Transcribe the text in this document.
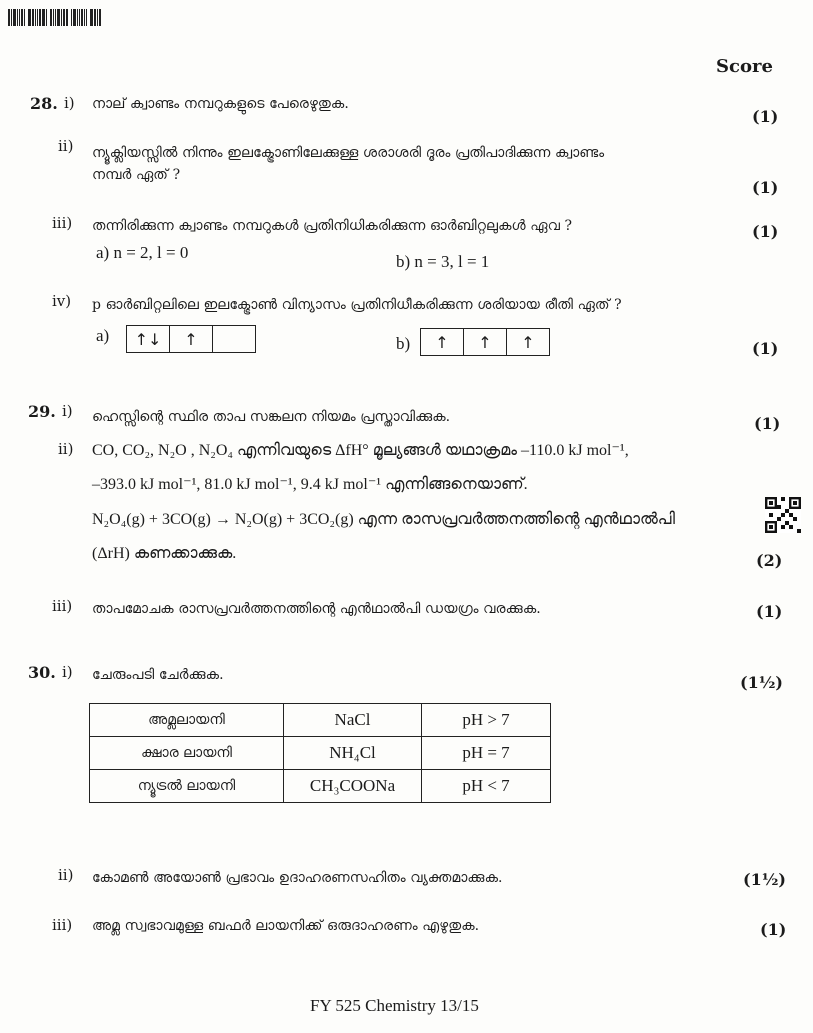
Score
28. i) നാല് ക്വാണ്ടം നമ്പറുകളുടെ പേരെഴുതുക.
(1)
ii) ന്യൂക്ലിയസ്സിൽ നിന്നും ഇലക്ട്രോണിലേക്കുള്ള ശരാശരി ദൂരം പ്രതിപാദിക്കുന്ന ക്വാണ്ടം
നമ്പർ ഏത് ?
(1)
iii) തന്നിരിക്കുന്ന ക്വാണ്ടം നമ്പറുകൾ പ്രതിനിധികരിക്കുന്ന ഓർബിറ്റലുകൾ ഏവ ?	(1)
a) n = 2, l = 0	b) n = 3, l = 1
iv) p ഓർബിറ്റലിലെ ഇലക്ട്രോൺ വിന്യാസം പ്രതിനിധീകരിക്കുന്ന ശരിയായ രീതി ഏത് ?
a)	↑↓	↑	b)	↑	↑	↑	(1)
29. i) ഹെസ്സിന്റെ സ്ഥിര താപ സങ്കലന നിയമം പ്രസ്താവിക്കുക.	(1)
ii) CO, CO₂, N₂O , N₂O₄ എന്നിവയുടെ ΔfH° മൂല്യങ്ങൾ യഥാക്രമം –110.0 kJ mol⁻¹,
–393.0 kJ mol⁻¹, 81.0 kJ mol⁻¹, 9.4 kJ mol⁻¹ എന്നിങ്ങനെയാണ്.
N₂O₄(g) + 3CO(g) → N₂O(g) + 3CO₂(g) എന്ന രാസപ്രവർത്തനത്തിന്റെ എൻഥാൽപി
(ΔrH) കണക്കാക്കുക.	(2)
iii) താപമോചക രാസപ്രവർത്തനത്തിന്റെ എൻഥാൽപി ഡയഗ്രം വരക്കുക.	(1)
30. i) ചേരുംപടി ചേർക്കുക.	(1½)
അമ്ലലായനി	NaCl	pH > 7
ക്ഷാര ലായനി	NH₄Cl	pH = 7
ന്യൂട്രൽ ലായനി	CH₃COONa	pH < 7
ii) കോമൺ അയോൺ പ്രഭാവം ഉദാഹരണസഹിതം വ്യക്തമാക്കുക.	(1½)
iii) അമ്ല സ്വഭാവമുള്ള ബഫർ ലായനിക്ക് ഒരുദാഹരണം എഴുതുക.	(1)
FY 525 Chemistry 13/15
